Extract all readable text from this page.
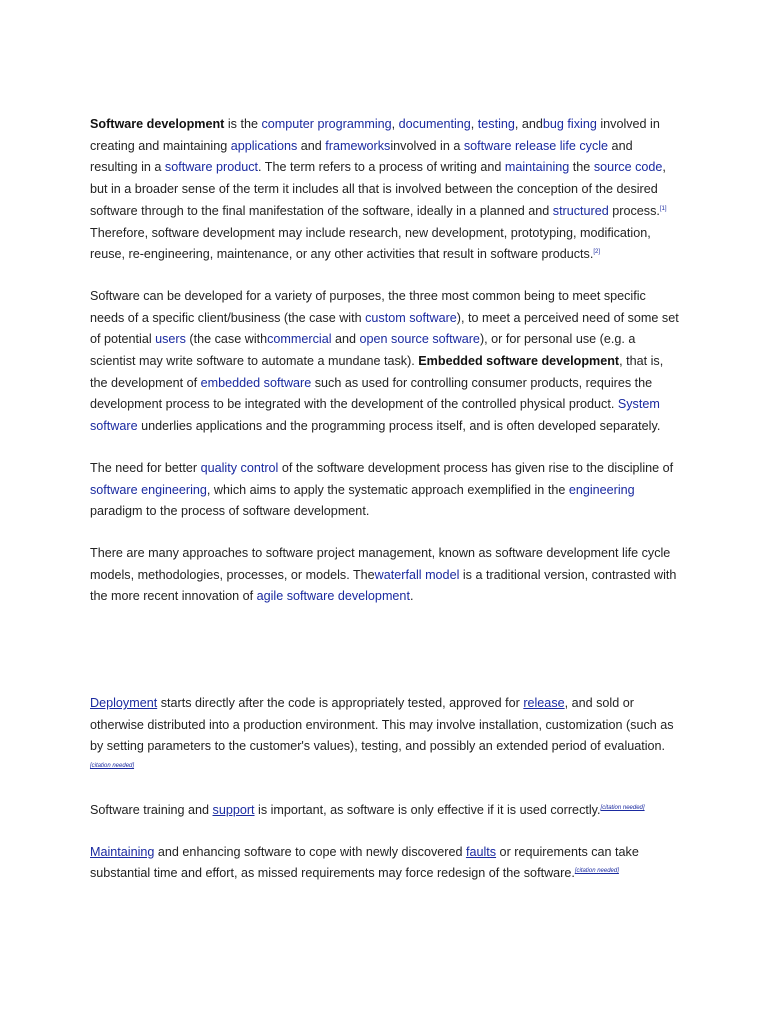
Software development is the computer programming, documenting, testing, andbug fixing involved in creating and maintaining applications and frameworksinvolved in a software release life cycle and resulting in a software product. The term refers to a process of writing and maintaining the source code, but in a broader sense of the term it includes all that is involved between the conception of the desired software through to the final manifestation of the software, ideally in a planned and structured process.[1] Therefore, software development may include research, new development, prototyping, modification, reuse, re-engineering, maintenance, or any other activities that result in software products.[2]

Software can be developed for a variety of purposes, the three most common being to meet specific needs of a specific client/business (the case with custom software), to meet a perceived need of some set of potential users (the case withcommercial and open source software), or for personal use (e.g. a scientist may write software to automate a mundane task). Embedded software development, that is, the development of embedded software such as used for controlling consumer products, requires the development process to be integrated with the development of the controlled physical product. System software underlies applications and the programming process itself, and is often developed separately.

The need for better quality control of the software development process has given rise to the discipline of software engineering, which aims to apply the systematic approach exemplified in the engineering paradigm to the process of software development.

There are many approaches to software project management, known as software development life cycle models, methodologies, processes, or models. Thewaterfall model is a traditional version, contrasted with the more recent innovation of agile software development.

Deployment starts directly after the code is appropriately tested, approved for release, and sold or otherwise distributed into a production environment. This may involve installation, customization (such as by setting parameters to the customer's values), testing, and possibly an extended period of evaluation.[citation needed]

Software training and support is important, as software is only effective if it is used correctly.[citation needed]

Maintaining and enhancing software to cope with newly discovered faults or requirements can take substantial time and effort, as missed requirements may force redesign of the software.[citation needed]
